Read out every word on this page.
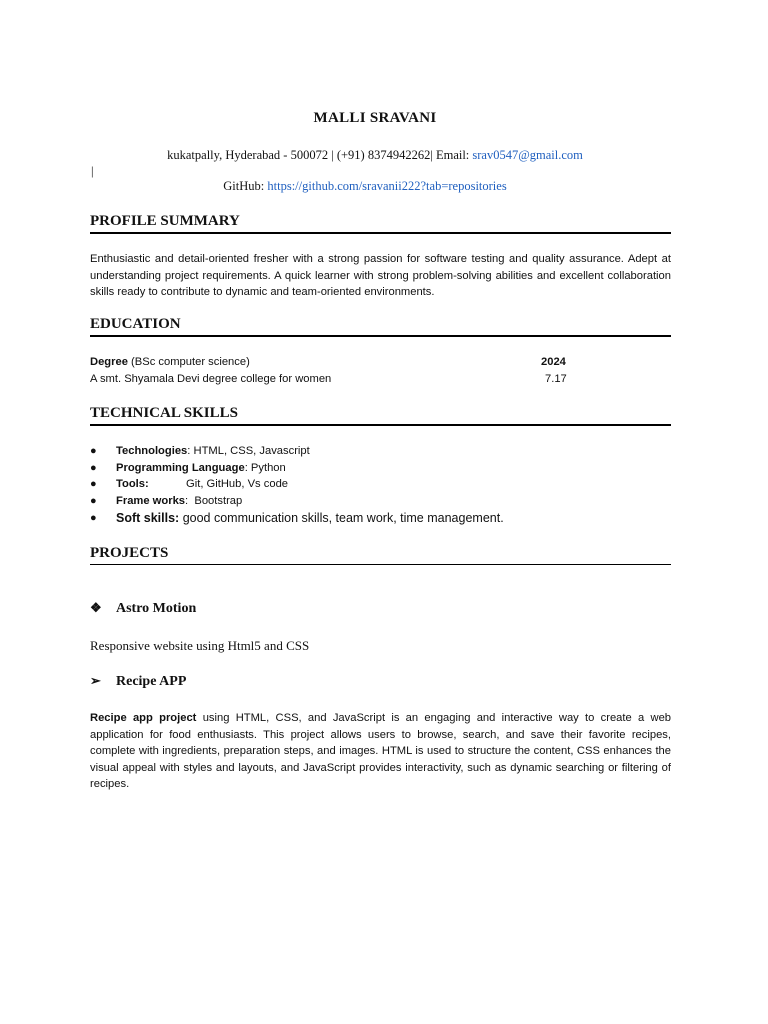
MALLI SRAVANI
kukatpally, Hyderabad - 500072 | (+91) 8374942262| Email: srav0547@gmail.com
|
GitHub: https://github.com/sravanii222?tab=repositories
PROFILE SUMMARY
Enthusiastic and detail-oriented fresher with a strong passion for software testing and quality assurance. Adept at understanding project requirements. A quick learner with strong problem-solving abilities and excellent collaboration skills ready to contribute to dynamic and team-oriented environments.
EDUCATION
Degree (BSc computer science)	2024
A smt. Shyamala Devi degree college for women	7.17
TECHNICAL SKILLS
● Technologies: HTML, CSS, Javascript
● Programming Language: Python
● Tools:	Git, GitHub, Vs code
● Frame works:  Bootstrap
● Soft skills: good communication skills, team work, time management.
PROJECTS
❖ Astro Motion
Responsive website using Html5 and CSS
➢ Recipe APP
Recipe app project using HTML, CSS, and JavaScript is an engaging and interactive way to create a web application for food enthusiasts. This project allows users to browse, search, and save their favorite recipes, complete with ingredients, preparation steps, and images. HTML is used to structure the content, CSS enhances the visual appeal with styles and layouts, and JavaScript provides interactivity, such as dynamic searching or filtering of recipes.
